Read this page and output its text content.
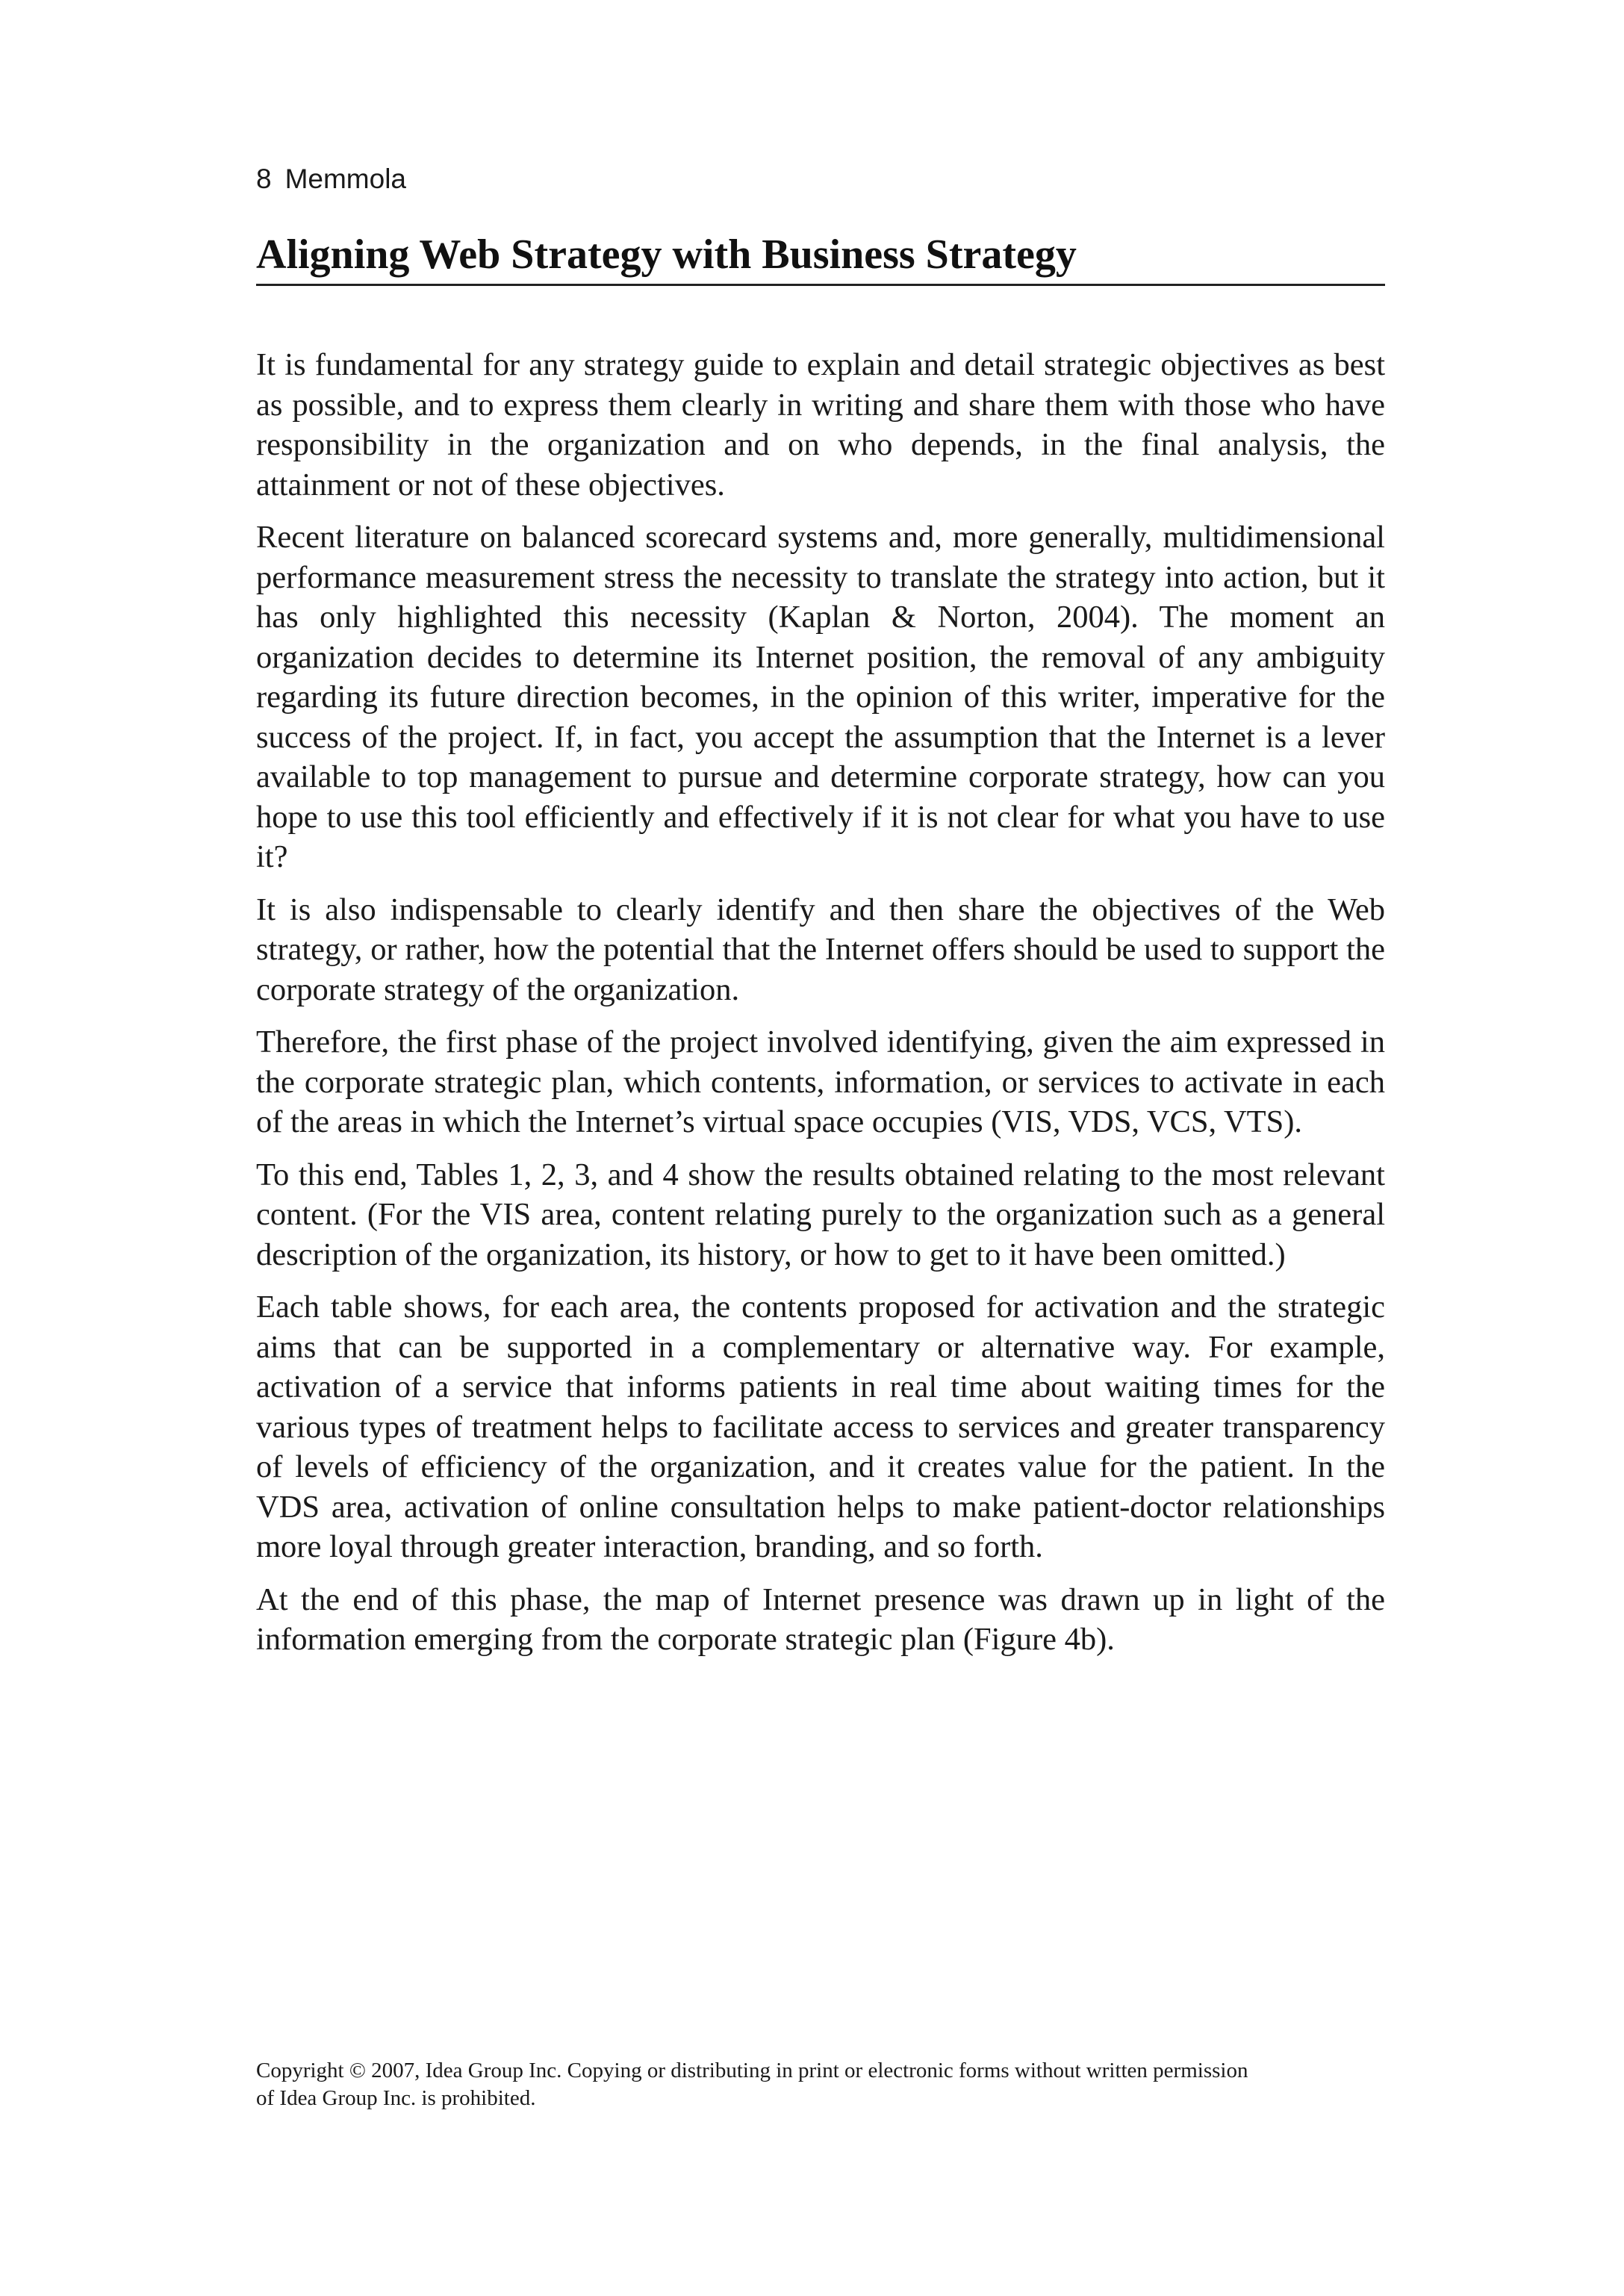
8 Memmola
Aligning Web Strategy with Business Strategy

It is fundamental for any strategy guide to explain and detail strategic objectives as best as possible, and to express them clearly in writing and share them with those who have responsibility in the organization and on who depends, in the final analysis, the attainment or not of these objectives.

Recent literature on balanced scorecard systems and, more generally, multidimensional performance measurement stress the necessity to translate the strategy into action, but it has only highlighted this necessity (Kaplan & Norton, 2004). The moment an organization decides to determine its Internet position, the removal of any ambiguity regarding its future direction becomes, in the opinion of this writer, imperative for the success of the project. If, in fact, you accept the assumption that the Internet is a lever available to top management to pursue and determine corporate strategy, how can you hope to use this tool efficiently and effectively if it is not clear for what you have to use it?

It is also indispensable to clearly identify and then share the objectives of the Web strategy, or rather, how the potential that the Internet offers should be used to support the corporate strategy of the organization.

Therefore, the first phase of the project involved identifying, given the aim expressed in the corporate strategic plan, which contents, information, or services to activate in each of the areas in which the Internet’s virtual space occupies (VIS, VDS, VCS, VTS).

To this end, Tables 1, 2, 3, and 4 show the results obtained relating to the most relevant content. (For the VIS area, content relating purely to the organization such as a general description of the organization, its history, or how to get to it have been omitted.)

Each table shows, for each area, the contents proposed for activation and the strategic aims that can be supported in a complementary or alternative way. For example, activation of a service that informs patients in real time about waiting times for the various types of treatment helps to facilitate access to services and greater transparency of levels of efficiency of the organization, and it creates value for the patient. In the VDS area, activation of online consultation helps to make patient-doctor relationships more loyal through greater interaction, branding, and so forth.

At the end of this phase, the map of Internet presence was drawn up in light of the information emerging from the corporate strategic plan (Figure 4b).

Copyright © 2007, Idea Group Inc. Copying or distributing in print or electronic forms without written permission

of Idea Group Inc. is prohibited.
